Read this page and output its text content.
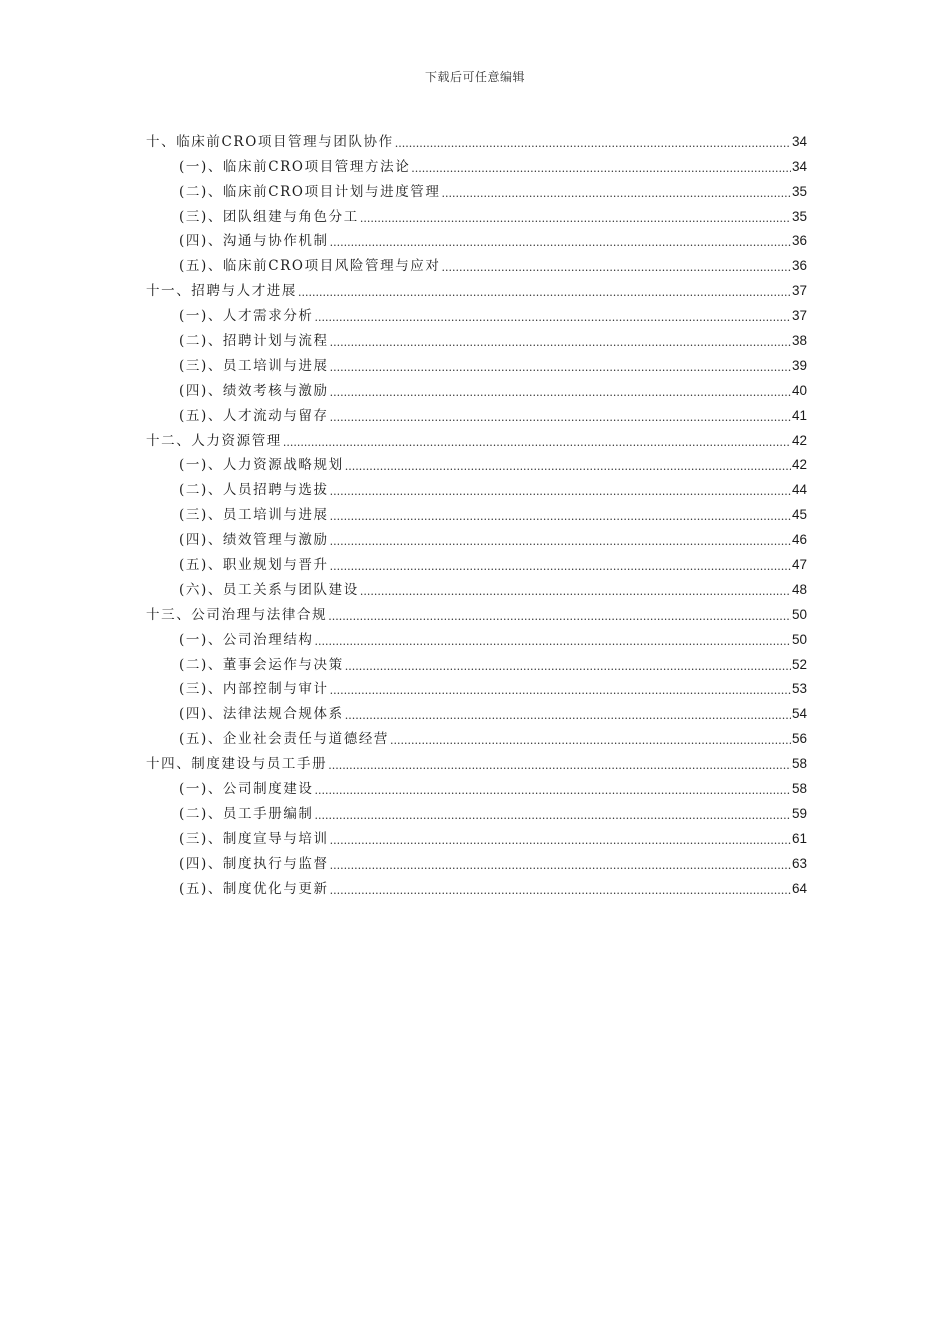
下载后可任意编辑
十、临床前CRO项目管理与团队协作 .....	34
(一)、临床前CRO项目管理方法论 .....	34
(二)、临床前CRO项目计划与进度管理 .....	35
(三)、团队组建与角色分工 .....	35
(四)、沟通与协作机制 .....	36
(五)、临床前CRO项目风险管理与应对 .....	36
十一、招聘与人才进展 .....	37
(一)、人才需求分析 .....	37
(二)、招聘计划与流程 .....	38
(三)、员工培训与进展 .....	39
(四)、绩效考核与激励 .....	40
(五)、人才流动与留存 .....	41
十二、人力资源管理 .....	42
(一)、人力资源战略规划 .....	42
(二)、人员招聘与选拔 .....	44
(三)、员工培训与进展 .....	45
(四)、绩效管理与激励 .....	46
(五)、职业规划与晋升 .....	47
(六)、员工关系与团队建设 .....	48
十三、公司治理与法律合规 .....	50
(一)、公司治理结构 .....	50
(二)、董事会运作与决策 .....	52
(三)、内部控制与审计 .....	53
(四)、法律法规合规体系 .....	54
(五)、企业社会责任与道德经营 .....	56
十四、制度建设与员工手册 .....	58
(一)、公司制度建设 .....	58
(二)、员工手册编制 .....	59
(三)、制度宣导与培训 .....	61
(四)、制度执行与监督 .....	63
(五)、制度优化与更新 .....	64
